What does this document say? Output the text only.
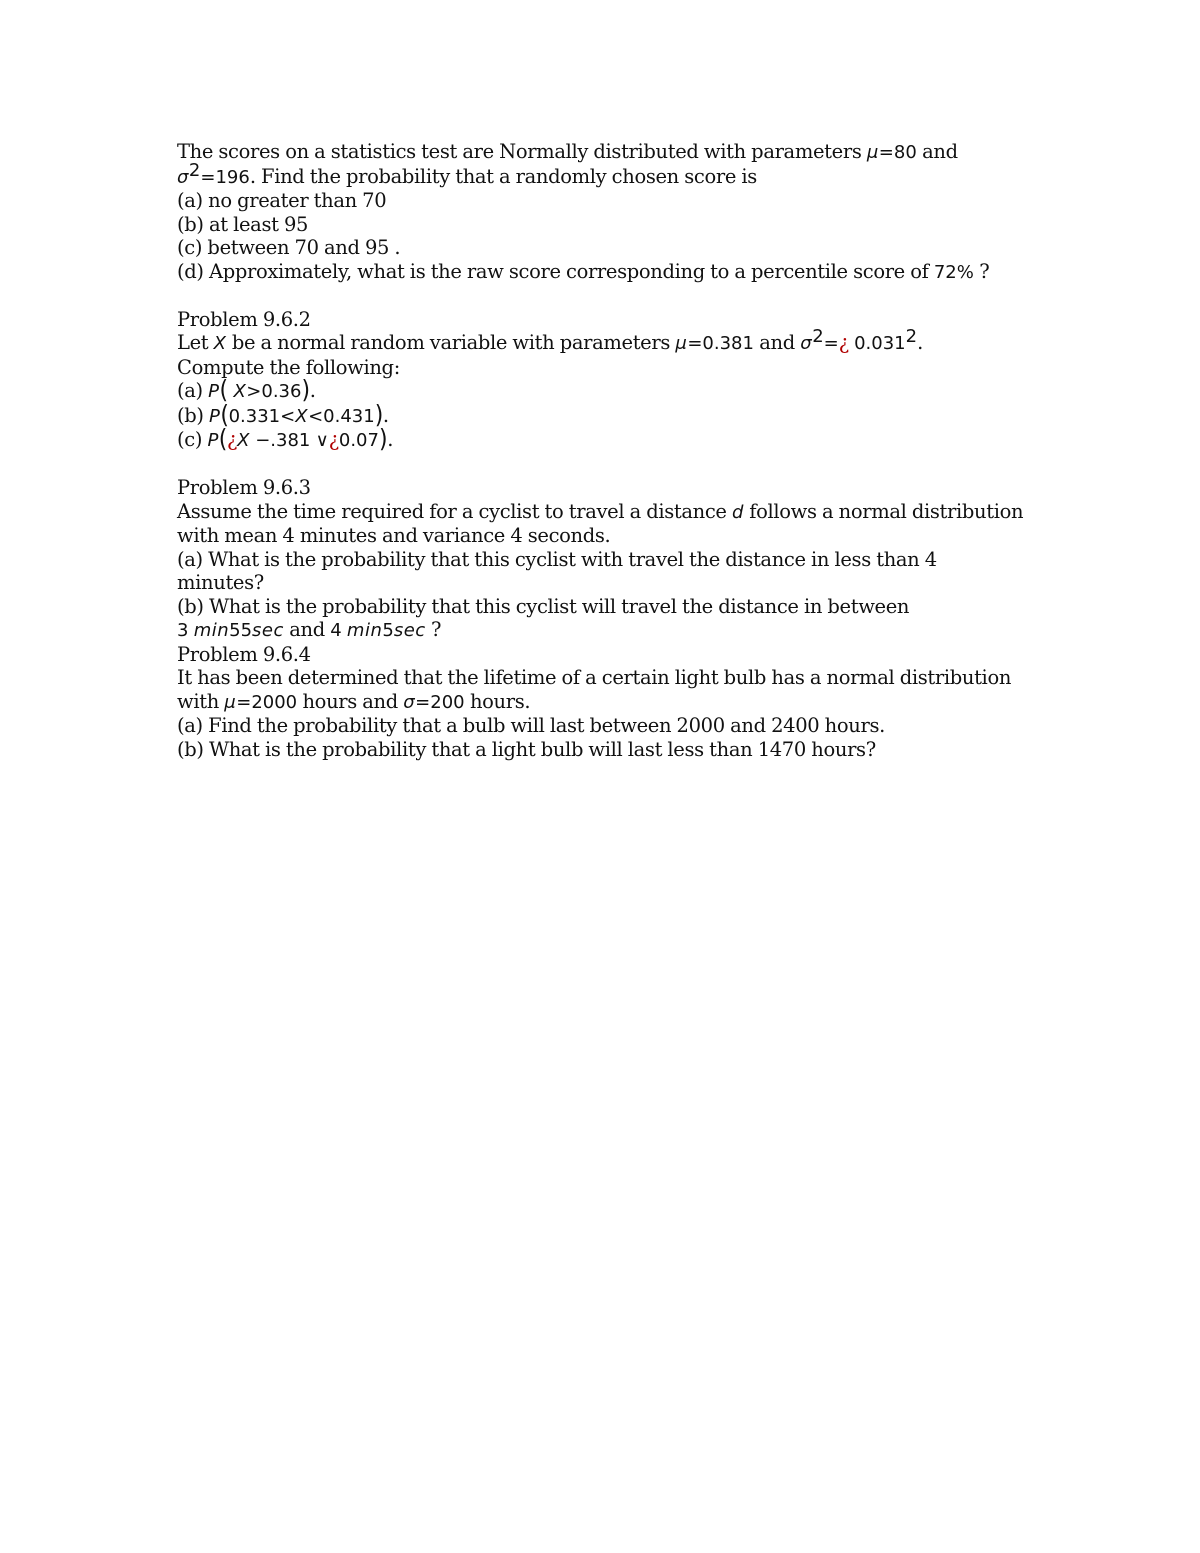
The scores on a statistics test are Normally distributed with parameters μ=80 and
$\sigma^2=196$. Find the probability that a randomly chosen score is
(a) no greater than 70
(b) at least 95
(c) between 70 and 95 .
(d) Approximately, what is the raw score corresponding to a percentile score of 72% ?
Problem 9.6.2
Let X be a normal random variable with parameters μ=0.381 and $\sigma^2=¿$ 0.031$^2$.
Compute the following:
(a) P( X>0.36).
(b) P(0.331<X<0.431).
(c) P(¿X −.381 ∨¿0.07).
Problem 9.6.3
Assume the time required for a cyclist to travel a distance d follows a normal distribution
with mean 4 minutes and variance 4 seconds.
(a) What is the probability that this cyclist with travel the distance in less than 4
minutes?
(b) What is the probability that this cyclist will travel the distance in between
3 min55sec and 4 min5sec ?
Problem 9.6.4
It has been determined that the lifetime of a certain light bulb has a normal distribution
with μ=2000 hours and σ=200 hours.
(a) Find the probability that a bulb will last between 2000 and 2400 hours.
(b) What is the probability that a light bulb will last less than 1470 hours?
